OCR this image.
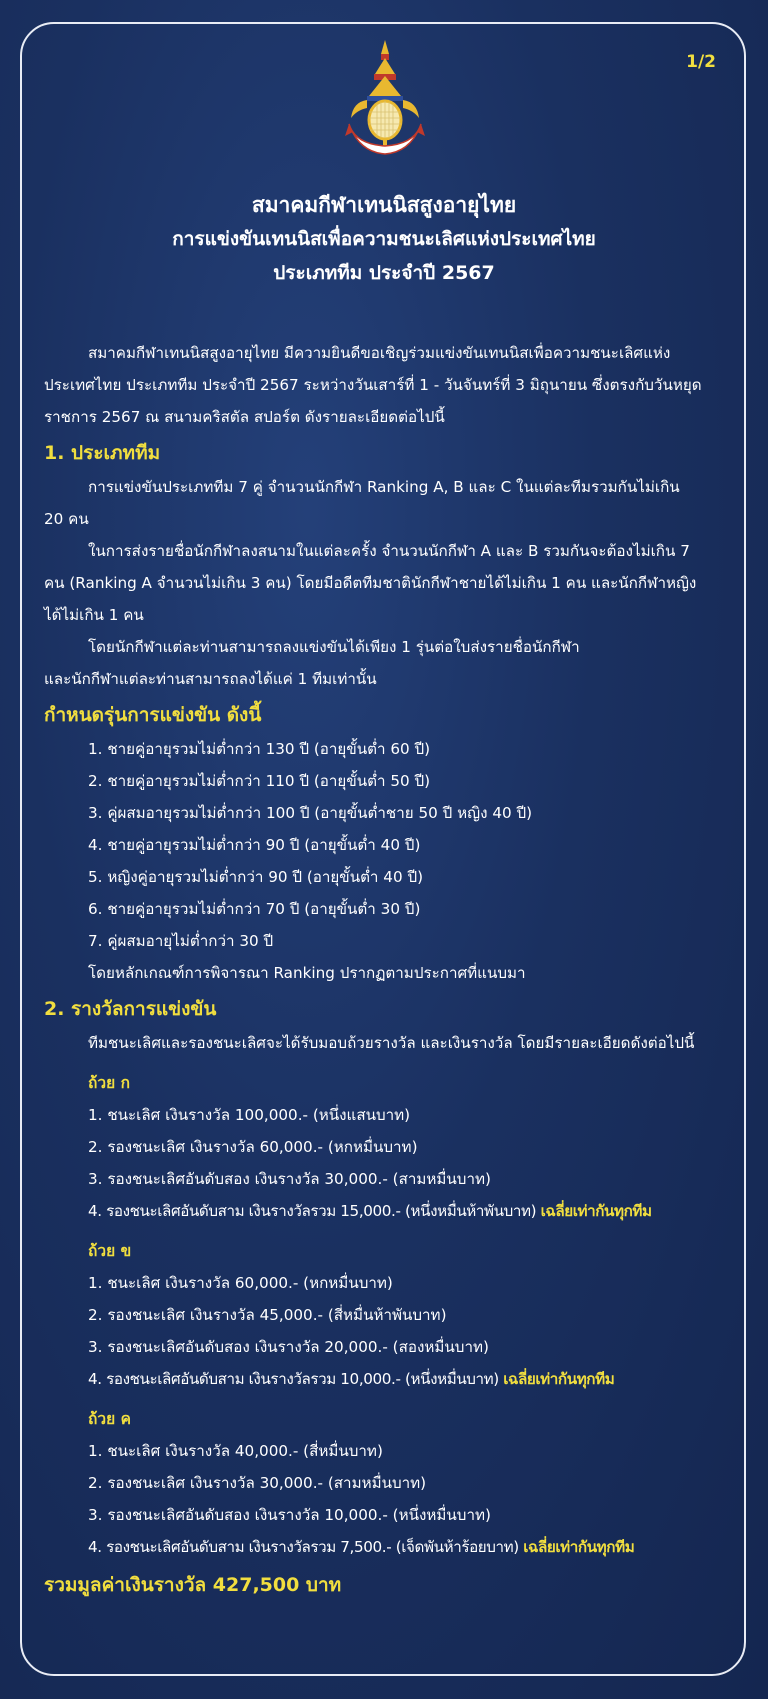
1/2
สมาคมกีฬาเทนนิสสูงอายุไทย
การแข่งขันเทนนิสเพื่อความชนะเลิศแห่งประเทศไทย
ประเภททีม ประจำปี 2567

สมาคมกีฬาเทนนิสสูงอายุไทย มีความยินดีขอเชิญร่วมแข่งขันเทนนิสเพื่อความชนะเลิศแห่ง

ประเทศไทย ประเภททีม ประจำปี 2567 ระหว่างวันเสาร์ที่ 1 - วันจันทร์ที่ 3 มิถุนายน ซึ่งตรงกับวันหยุด

ราชการ 2567 ณ สนามคริสตัล สปอร์ต ดังรายละเอียดต่อไปนี้

1. ประเภททีม

การแข่งขันประเภททีม 7 คู่ จำนวนนักกีฬา Ranking A, B และ C ในแต่ละทีมรวมกันไม่เกิน

20 คน

ในการส่งรายชื่อนักกีฬาลงสนามในแต่ละครั้ง จำนวนนักกีฬา A และ B รวมกันจะต้องไม่เกิน 7

คน (Ranking A จำนวนไม่เกิน 3 คน) โดยมีอดีตทีมชาตินักกีฬาชายได้ไม่เกิน 1 คน และนักกีฬาหญิง

ได้ไม่เกิน 1 คน

โดยนักกีฬาแต่ละท่านสามารถลงแข่งขันได้เพียง 1 รุ่นต่อใบส่งรายชื่อนักกีฬา

และนักกีฬาแต่ละท่านสามารถลงได้แค่ 1 ทีมเท่านั้น

กำหนดรุ่นการแข่งขัน ดังนี้
1. ชายคู่อายุรวมไม่ต่ำกว่า 130 ปี (อายุขั้นต่ำ 60 ปี)
2. ชายคู่อายุรวมไม่ต่ำกว่า 110 ปี (อายุขั้นต่ำ 50 ปี)
3. คู่ผสมอายุรวมไม่ต่ำกว่า 100 ปี (อายุขั้นต่ำชาย 50 ปี หญิง 40 ปี)
4. ชายคู่อายุรวมไม่ต่ำกว่า 90 ปี (อายุขั้นต่ำ 40 ปี)
5. หญิงคู่อายุรวมไม่ต่ำกว่า 90 ปี (อายุขั้นต่ำ 40 ปี)
6. ชายคู่อายุรวมไม่ต่ำกว่า 70 ปี (อายุขั้นต่ำ 30 ปี)
7. คู่ผสมอายุไม่ต่ำกว่า 30 ปี
โดยหลักเกณฑ์การพิจารณา Ranking ปรากฏตามประกาศที่แนบมา
2. รางวัลการแข่งขัน

ทีมชนะเลิศและรองชนะเลิศจะได้รับมอบถ้วยรางวัล และเงินรางวัล โดยมีรายละเอียดดังต่อไปนี้

ถ้วย ก
1. ชนะเลิศ เงินรางวัล 100,000.- (หนึ่งแสนบาท)
2. รองชนะเลิศ เงินรางวัล 60,000.- (หกหมื่นบาท)
3. รองชนะเลิศอันดับสอง เงินรางวัล 30,000.- (สามหมื่นบาท)
4. รองชนะเลิศอันดับสาม เงินรางวัลรวม 15,000.- (หนึ่งหมื่นห้าพันบาท) เฉลี่ยเท่ากันทุกทีม
ถ้วย ข
1. ชนะเลิศ เงินรางวัล 60,000.- (หกหมื่นบาท)
2. รองชนะเลิศ เงินรางวัล 45,000.- (สี่หมื่นห้าพันบาท)
3. รองชนะเลิศอันดับสอง เงินรางวัล 20,000.- (สองหมื่นบาท)
4. รองชนะเลิศอันดับสาม เงินรางวัลรวม 10,000.- (หนึ่งหมื่นบาท) เฉลี่ยเท่ากันทุกทีม
ถ้วย ค
1. ชนะเลิศ เงินรางวัล 40,000.- (สี่หมื่นบาท)
2. รองชนะเลิศ เงินรางวัล 30,000.- (สามหมื่นบาท)
3. รองชนะเลิศอันดับสอง เงินรางวัล 10,000.- (หนึ่งหมื่นบาท)
4. รองชนะเลิศอันดับสาม เงินรางวัลรวม 7,500.- (เจ็ดพันห้าร้อยบาท) เฉลี่ยเท่ากันทุกทีม
รวมมูลค่าเงินรางวัล 427,500 บาท
